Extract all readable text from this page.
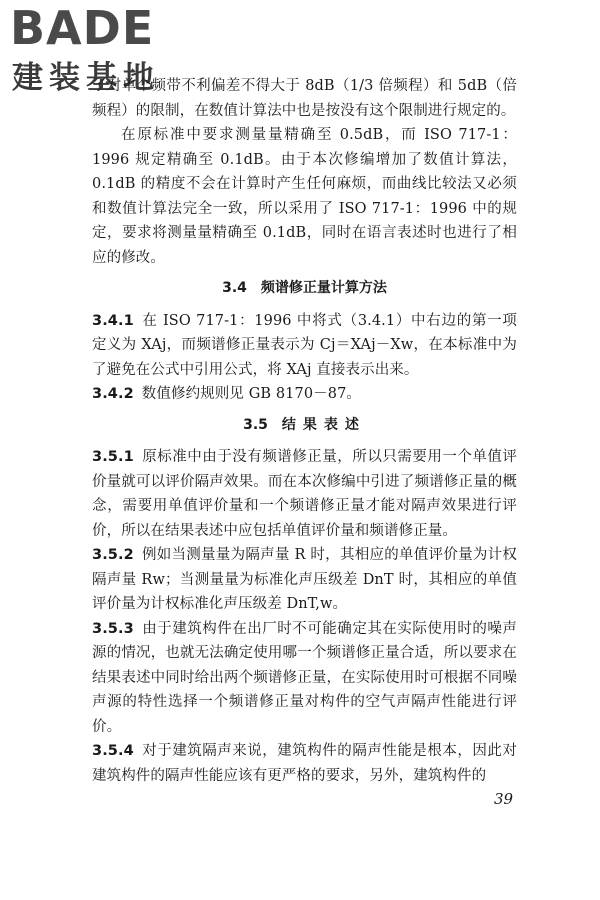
BADE
建装基地

了对单个频带不利偏差不得大于 8dB（1/3 倍频程）和 5dB（倍频程）的限制，在数值计算法中也是按没有这个限制进行规定的。

在原标准中要求测量量精确至 0.5dB，而 ISO 717-1：1996 规定精确至 0.1dB。由于本次修编增加了数值计算法，0.1dB 的精度不会在计算时产生任何麻烦，而曲线比较法又必须和数值计算法完全一致，所以采用了 ISO 717-1：1996 中的规定，要求将测量量精确至 0.1dB，同时在语言表述时也进行了相应的修改。

3.4 频谱修正量计算方法

3.4.1 在 ISO 717-1：1996 中将式（3.4.1）中右边的第一项定义为 XAj，而频谱修正量表示为 Cj＝XAj－Xw，在本标准中为了避免在公式中引用公式，将 XAj 直接表示出来。

3.4.2 数值修约规则见 GB 8170－87。

3.5 结果表述

3.5.1 原标准中由于没有频谱修正量，所以只需要用一个单值评价量就可以评价隔声效果。而在本次修编中引进了频谱修正量的概念，需要用单值评价量和一个频谱修正量才能对隔声效果进行评价，所以在结果表述中应包括单值评价量和频谱修正量。

3.5.2 例如当测量量为隔声量 R 时，其相应的单值评价量为计权隔声量 Rw；当测量量为标准化声压级差 DnT 时，其相应的单值评价量为计权标准化声压级差 DnT,w。

3.5.3 由于建筑构件在出厂时不可能确定其在实际使用时的噪声源的情况，也就无法确定使用哪一个频谱修正量合适，所以要求在结果表述中同时给出两个频谱修正量，在实际使用时可根据不同噪声源的特性选择一个频谱修正量对构件的空气声隔声性能进行评价。

3.5.4 对于建筑隔声来说，建筑构件的隔声性能是根本，因此对建筑构件的隔声性能应该有更严格的要求，另外，建筑构件的

39
